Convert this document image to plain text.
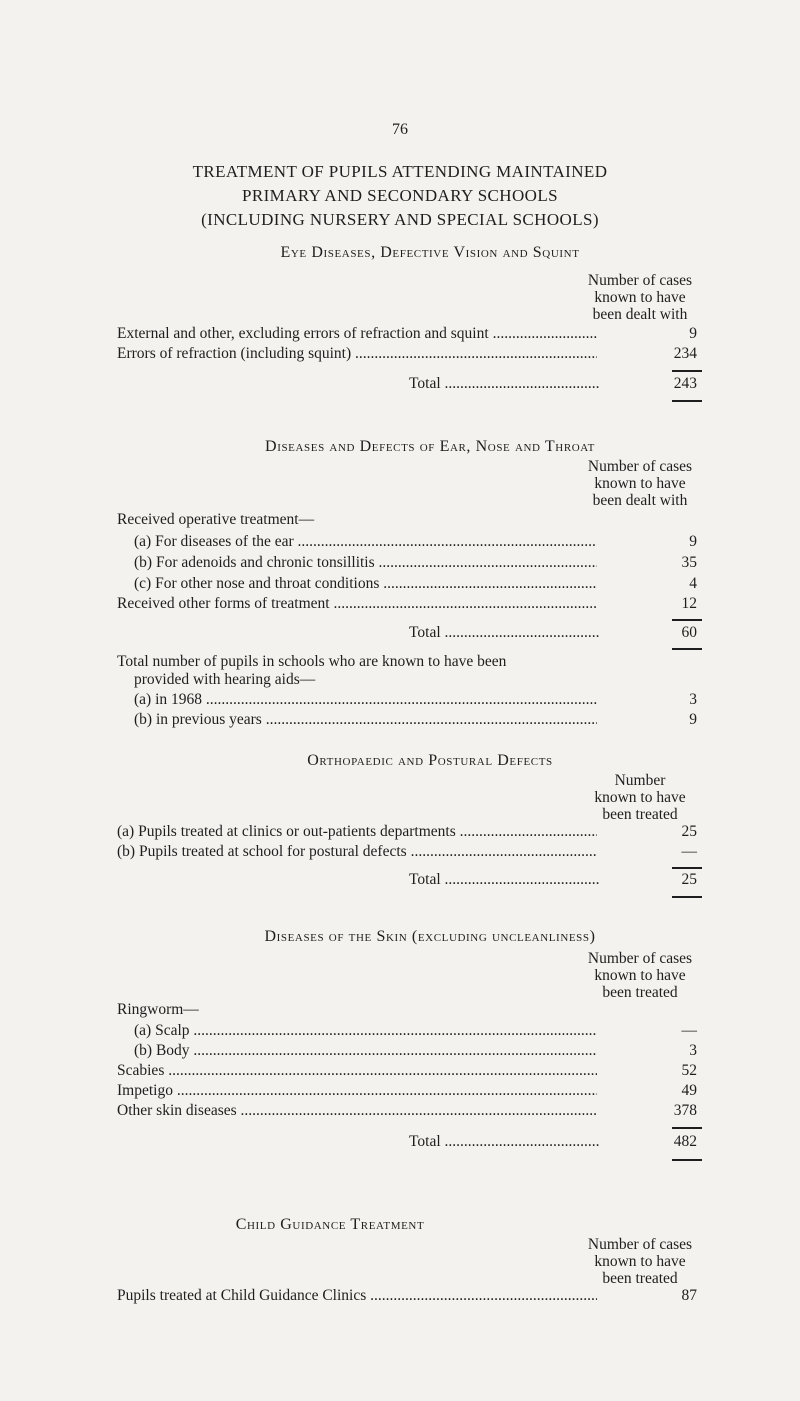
76
TREATMENT OF PUPILS ATTENDING MAINTAINED
PRIMARY AND SECONDARY SCHOOLS
(INCLUDING NURSERY AND SPECIAL SCHOOLS)
Eye Diseases, Defective Vision and Squint
Number of cases
known to have
been dealt with
External and other, excluding errors of refraction and squint .....	9
Errors of refraction (including squint) .....	234
Total .....	243
Diseases and Defects of Ear, Nose and Throat
Number of cases
known to have
been dealt with
Received operative treatment—
(a) For diseases of the ear .....	9
(b) For adenoids and chronic tonsillitis .....	35
(c) For other nose and throat conditions .....	4
Received other forms of treatment .....	12
Total .....	60
Total number of pupils in schools who are known to have been
provided with hearing aids—
(a) in 1968 .....	3
(b) in previous years .....	9
Orthopaedic and Postural Defects
Number
known to have
been treated
(a) Pupils treated at clinics or out-patients departments .....	25
(b) Pupils treated at school for postural defects .....	—
Total .....	25
Diseases of the Skin (excluding uncleanliness)
Number of cases
known to have
been treated
Ringworm—
(a) Scalp .....	—
(b) Body .....	3
Scabies .....	52
Impetigo .....	49
Other skin diseases .....	378
Total .....	482
Child Guidance Treatment
Number of cases
known to have
been treated
Pupils treated at Child Guidance Clinics .....	87
